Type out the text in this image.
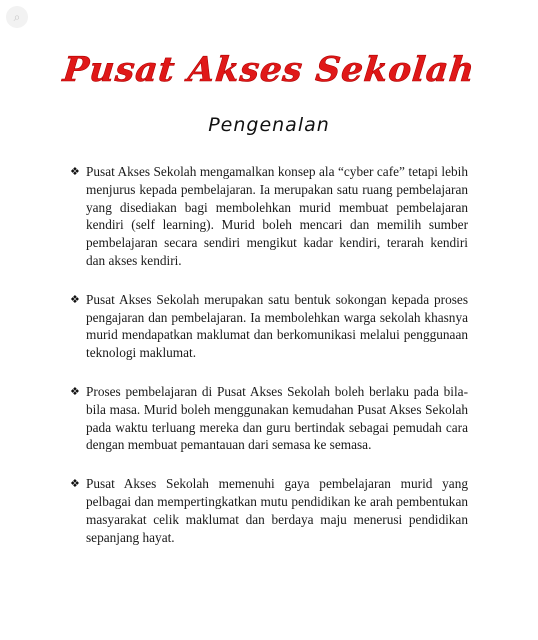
⌕
Pusat Akses Sekolah
Pengenalan
❖ Pusat Akses Sekolah mengamalkan konsep ala “cyber cafe” tetapi lebih menjurus kepada pembelajaran. Ia merupakan satu ruang pembelajaran yang disediakan bagi membolehkan murid membuat pembelajaran kendiri (self learning). Murid boleh mencari dan memilih sumber pembelajaran secara sendiri mengikut kadar kendiri, terarah kendiri dan akses kendiri.
❖ Pusat Akses Sekolah merupakan satu bentuk sokongan kepada proses pengajaran dan pembelajaran. Ia membolehkan warga sekolah khasnya murid mendapatkan maklumat dan berkomunikasi melalui penggunaan teknologi maklumat.
❖ Proses pembelajaran di Pusat Akses Sekolah boleh berlaku pada bila-bila masa. Murid boleh menggunakan kemudahan Pusat Akses Sekolah pada waktu terluang mereka dan guru bertindak sebagai pemudah cara dengan membuat pemantauan dari semasa ke semasa.
❖ Pusat Akses Sekolah memenuhi gaya pembelajaran murid yang pelbagai dan mempertingkatkan mutu pendidikan ke arah pembentukan masyarakat celik maklumat dan berdaya maju menerusi pendidikan sepanjang hayat.
